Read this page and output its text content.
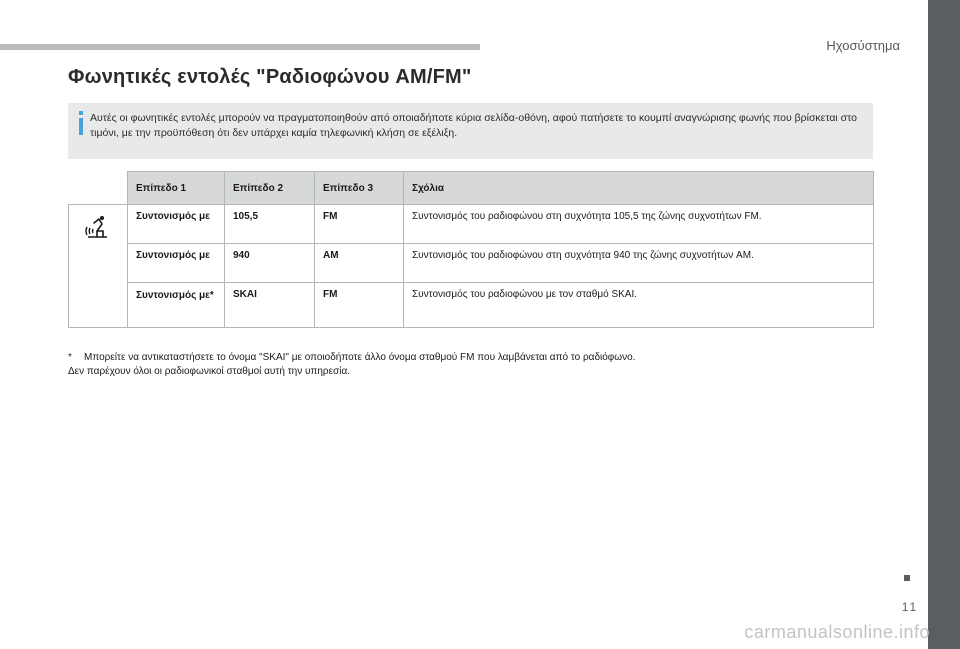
Ηχοσύστημα
Φωνητικές εντολές "Ραδιοφώνου AM/FM"
Αυτές οι φωνητικές εντολές μπορούν να πραγματοποιηθούν από οποιαδήποτε κύρια σελίδα-οθόνη, αφού πατήσετε το κουμπί αναγνώρισης φωνής που βρίσκεται στο τιμόνι, με την προϋπόθεση ότι δεν υπάρχει καμία τηλεφωνική κλήση σε εξέλιξη.
	Επίπεδο 1	Επίπεδο 2	Επίπεδο 3	Σχόλια
	Συντονισμός με	105,5	FM	Συντονισμός του ραδιοφώνου στη συχνότητα 105,5 της ζώνης συχνοτήτων FM.
	Συντονισμός με	940	AM	Συντονισμός του ραδιοφώνου στη συχνότητα 940 της ζώνης συχνοτήτων AM.
	Συντονισμός με*	SKAI	FM	Συντονισμός του ραδιοφώνου με τον σταθμό SKAI.
* Μπορείτε να αντικαταστήσετε το όνομα "SKAI" με οποιοδήποτε άλλο όνομα σταθμού FM που λαμβάνεται από το ραδιόφωνο.
Δεν παρέχουν όλοι οι ραδιοφωνικοί σταθμοί αυτή την υπηρεσία.
11
carmanualsonline.info
